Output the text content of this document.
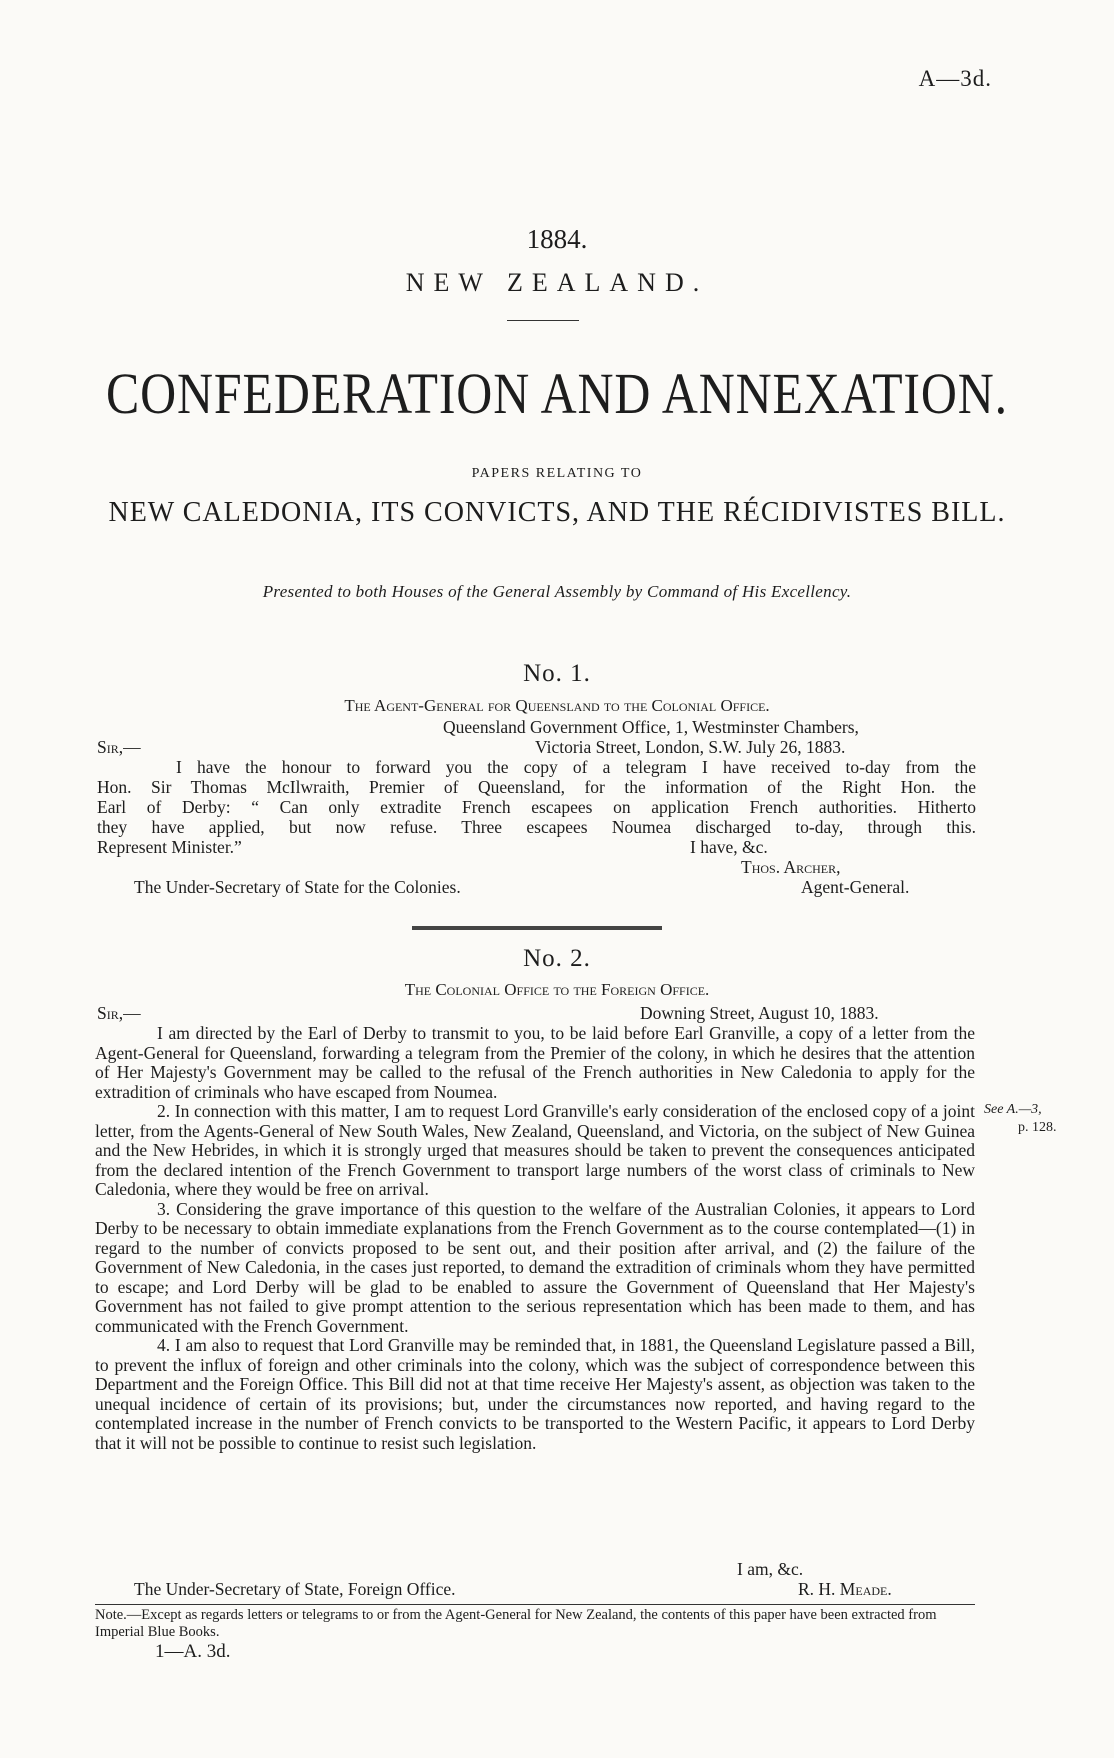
A—3d.
1884.
NEW ZEALAND.
CONFEDERATION AND ANNEXATION.
PAPERS RELATING TO
NEW CALEDONIA, ITS CONVICTS, AND THE RÉCIDIVISTES BILL.
Presented to both Houses of the General Assembly by Command of His Excellency.
No. 1.
The Agent-General for Queensland to the Colonial Office.
Queensland Government Office, 1, Westminster Chambers,
Sir,—	Victoria Street, London, S.W. July 26, 1883.
I have the honour to forward you the copy of a telegram I have received to-day from the
Hon. Sir Thomas McIlwraith, Premier of Queensland, for the information of the Right Hon. the
Earl of Derby: “ Can only extradite French escapees on application French authorities. Hitherto
they have applied, but now refuse. Three escapees Noumea discharged to-day, through this.
Represent Minister.”	I have, &c.
Thos. Archer,
The Under-Secretary of State for the Colonies.	Agent-General.
No. 2.
The Colonial Office to the Foreign Office.
Sir,—	Downing Street, August 10, 1883.

I am directed by the Earl of Derby to transmit to you, to be laid before Earl Granville, a copy of a letter from the Agent-General for Queensland, forwarding a telegram from the Premier of the colony, in which he desires that the attention of Her Majesty's Government may be called to the refusal of the French authorities in New Caledonia to apply for the extradition of criminals who have escaped from Noumea.

2. In connection with this matter, I am to request Lord Granville's early consideration of the enclosed copy of a joint letter, from the Agents-General of New South Wales, New Zealand, Queensland, and Victoria, on the subject of New Guinea and the New Hebrides, in which it is strongly urged that measures should be taken to prevent the consequences anticipated from the declared intention of the French Government to transport large numbers of the worst class of criminals to New Caledonia, where they would be free on arrival.

3. Considering the grave importance of this question to the welfare of the Australian Colonies, it appears to Lord Derby to be necessary to obtain immediate explanations from the French Government as to the course contemplated—(1) in regard to the number of convicts proposed to be sent out, and their position after arrival, and (2) the failure of the Government of New Caledonia, in the cases just reported, to demand the extradition of criminals whom they have permitted to escape; and Lord Derby will be glad to be enabled to assure the Government of Queensland that Her Majesty's Government has not failed to give prompt attention to the serious representation which has been made to them, and has communicated with the French Government.

4. I am also to request that Lord Granville may be reminded that, in 1881, the Queensland Legislature passed a Bill, to prevent the influx of foreign and other criminals into the colony, which was the subject of correspondence between this Department and the Foreign Office. This Bill did not at that time receive Her Majesty's assent, as objection was taken to the unequal incidence of certain of its provisions; but, under the circumstances now reported, and having regard to the contemplated increase in the number of French convicts to be transported to the Western Pacific, it appears to Lord Derby that it will not be possible to continue to resist such legislation.

See A.—3,
p. 128.
I am, &c.
The Under-Secretary of State, Foreign Office.	R. H. Meade.
Note.—Except as regards letters or telegrams to or from the Agent-General for New Zealand, the contents of this paper have been extracted from Imperial Blue Books.
1—A. 3d.
